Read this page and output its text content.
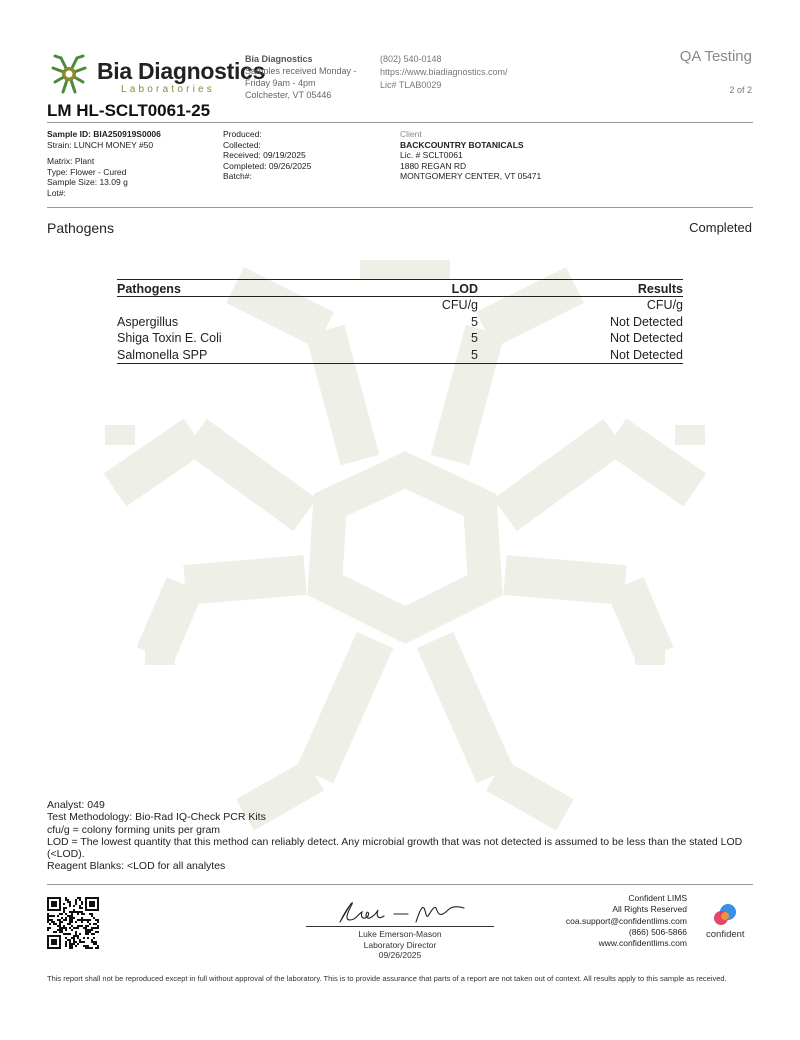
Bia Diagnostics
Laboratories
Bia Diagnostics
Samples received Monday - Friday 9am - 4pm
Colchester, VT 05446
(802) 540-0148
https://www.biadiagnostics.com/
Lic# TLAB0029
QA Testing
2 of 2
LM HL-SCLT0061-25
Sample ID: BIA250919S0006
Strain: LUNCH MONEY #50
Matrix: Plant
Type: Flower - Cured
Sample Size: 13.09 g
Lot#:
Produced:
Collected:
Received: 09/19/2025
Completed: 09/26/2025
Batch#:
Client
BACKCOUNTRY BOTANICALS
Lic. # SCLT0061
1880 REGAN RD
MONTGOMERY CENTER, VT 05471
Pathogens	Completed
Pathogens	LOD	Results
	CFU/g	CFU/g
Aspergillus	5	Not Detected
Shiga Toxin E. Coli	5	Not Detected
Salmonella SPP	5	Not Detected
Analyst: 049
Test Methodology: Bio-Rad IQ-Check PCR Kits
cfu/g = colony forming units per gram
LOD = The lowest quantity that this method can reliably detect. Any microbial growth that was not detected is assumed to be less than the stated LOD (<LOD).
Reagent Blanks: <LOD for all analytes
Luke Emerson-Mason
Laboratory Director
09/26/2025
Confident LIMS
All Rights Reserved
coa.support@confidentlims.com
(866) 506-5866
www.confidentlims.com
confident
This report shall not be reproduced except in full without approval of the laboratory. This is to provide assurance that parts of a report are not taken out of context. All results apply to this sample as received.
